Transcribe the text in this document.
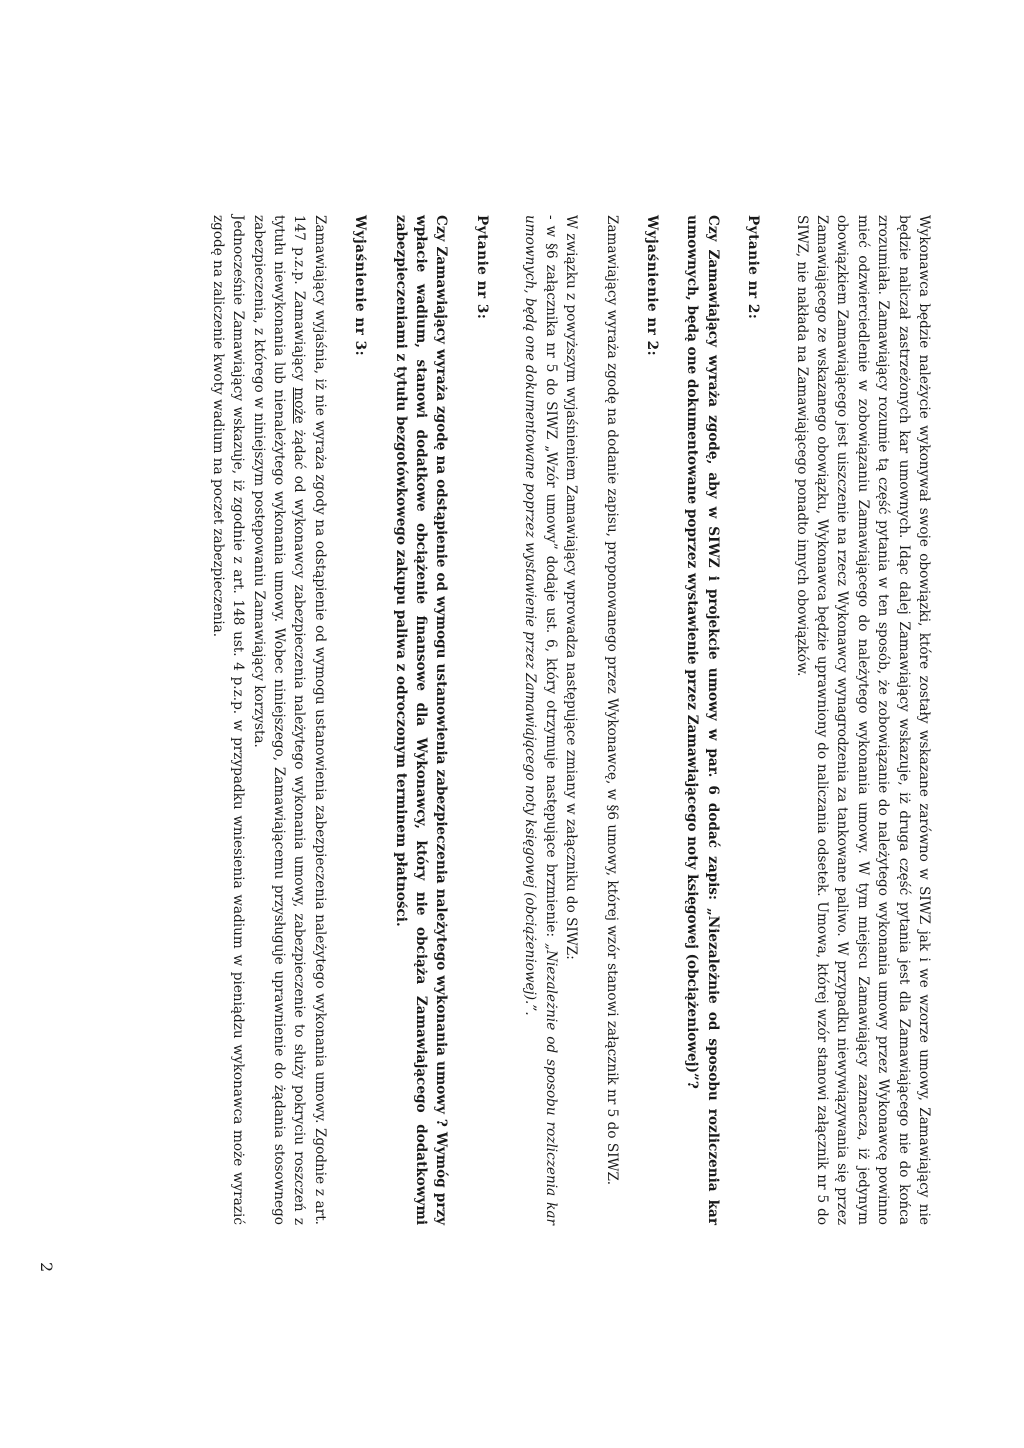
Wykonawca będzie należycie wykonywał swoje obowiązki, które zostały wskazane zarówno w SIWZ jak i we wzorze umowy, Zamawiający nie będzie naliczał zastrzeżonych kar umownych. Idąc dalej Zamawiający wskazuje, iż druga część pytania jest dla Zamawiającego nie do końca zrozumiała. Zamawiający rozumie tą część pytania w ten sposób, że zobowiązanie do należytego wykonania umowy przez Wykonawcę powinno mieć odzwierciedlenie w zobowiązaniu Zamawiającego do należytego wykonania umowy. W tym miejscu Zamawiający zaznacza, iż jedynym obowiązkiem Zamawiającego jest uiszczenie na rzecz Wykonawcy wynagrodzenia za tankowane paliwo. W przypadku niewywiązywania się przez Zamawiającego ze wskazanego obowiązku, Wykonawca będzie uprawniony do naliczania odsetek. Umowa, której wzór stanowi załącznik nr 5 do SIWZ, nie nakłada na Zamawiającego ponadto innych obowiązków.

Pytanie nr 2:

Czy Zamawiający wyraża zgodę, aby w SIWZ i projekcie umowy w par. 6 dodać zapis: „Niezależnie od sposobu rozliczenia kar umownych, będą one dokumentowane poprzez wystawienie przez Zamawiającego noty księgowej (obciążeniowej)”?

Wyjaśnienie nr 2:

Zamawiający wyraża zgodę na dodanie zapisu, proponowanego przez Wykonawcę, w §6 umowy, której wzór stanowi załącznik nr 5 do SIWZ.

W związku z powyższym wyjaśnieniem Zamawiający wprowadza następujące zmiany w załączniku do SIWZ:

- w §6 załącznika nr 5 do SIWZ „Wzór umowy” dodaje ust. 6, który otrzymuje następujące brzmienie: „Niezależnie od sposobu rozliczenia kar umownych, będą one dokumentowane poprzez wystawienie przez Zamawiającego noty księgowej (obciążeniowej).”.

Pytanie nr 3:

Czy Zamawiający wyraża zgodę na odstąpienie od wymogu ustanowienia zabezpieczenia należytego wykonania umowy ? Wymóg przy wpłacie wadium, stanowi dodatkowe obciążenie finansowe dla Wykonawcy, który nie obciąża Zamawiającego dodatkowymi zabezpieczeniami z tytułu bezgotówkowego zakupu paliwa z odroczonym terminem płatności.

Wyjaśnienie nr 3:

Zamawiający wyjaśnia, iż nie wyraża zgody na odstąpienie od wymogu ustanowienia zabezpieczenia należytego wykonania umowy. Zgodnie z art. 147 p.z.p. Zamawiający może żądać od wykonawcy zabezpieczenia należytego wykonania umowy, zabezpieczenie to służy pokryciu roszczeń z tytułu niewykonania lub nienależytego wykonania umowy. Wobec niniejszego, Zamawiającemu przysługuje uprawnienie do żądania stosownego zabezpieczenia, z którego w niniejszym postępowaniu Zamawiający korzysta.

Jednocześnie Zamawiający wskazuje, iż zgodnie z art. 148 ust. 4 p.z.p. w przypadku wniesienia wadium w pieniądzu wykonawca może wyrazić zgodę na zaliczenie kwoty wadium na poczet zabezpieczenia.

2
